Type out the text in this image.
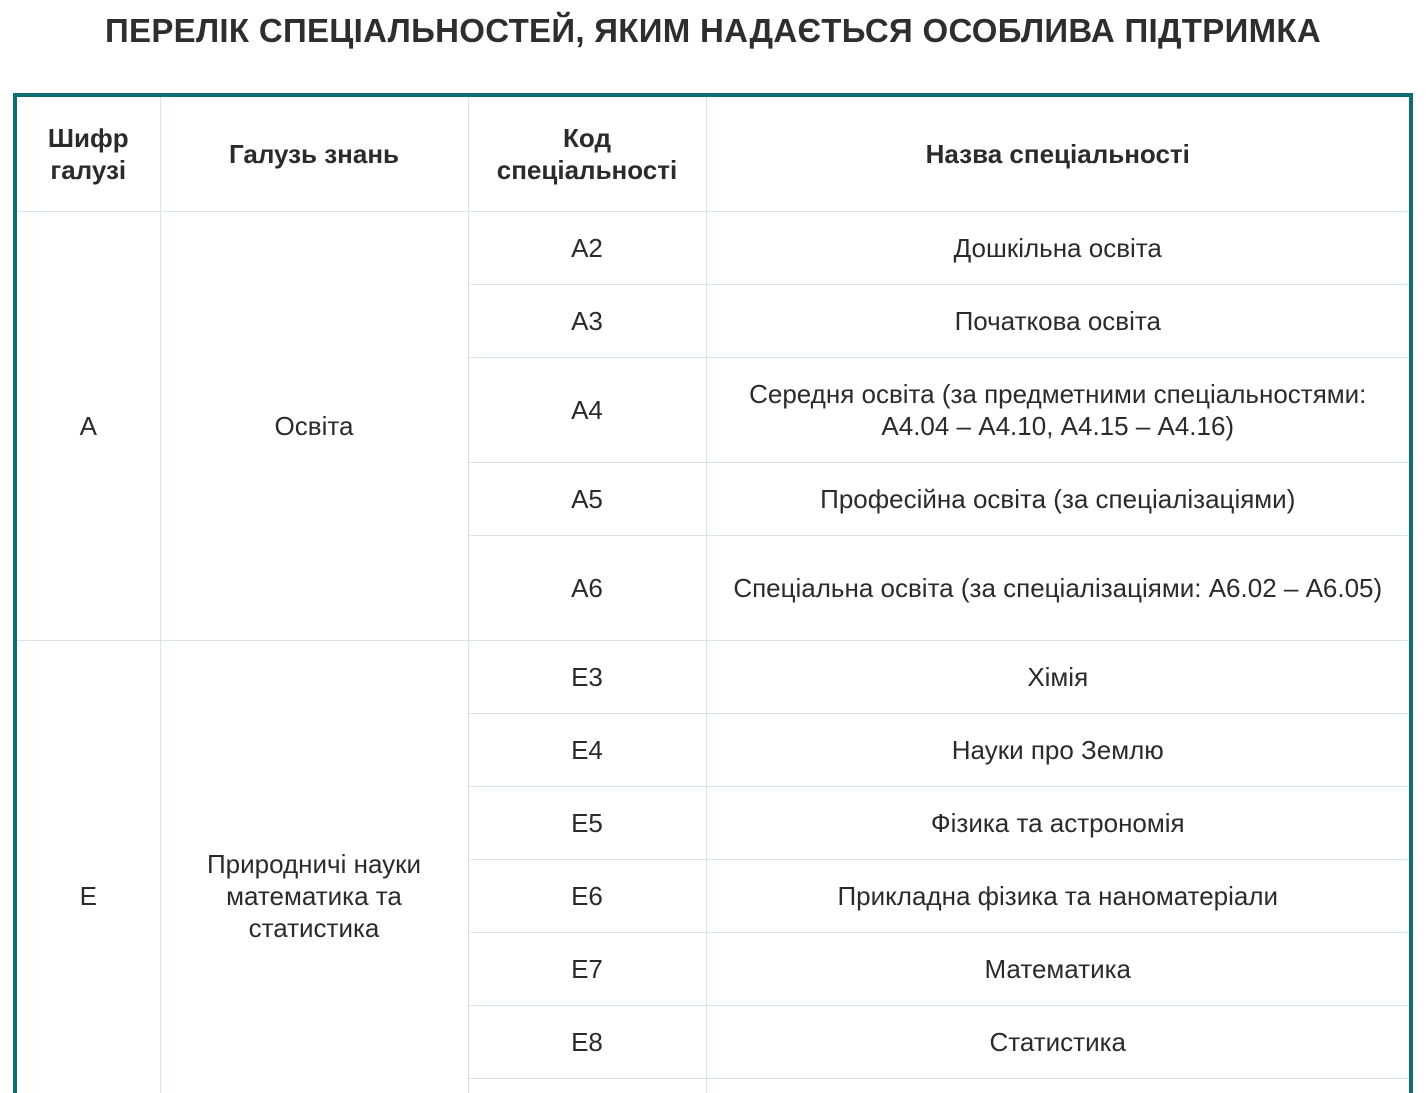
ПЕРЕЛІК СПЕЦІАЛЬНОСТЕЙ, ЯКИМ НАДАЄТЬСЯ ОСОБЛИВА ПІДТРИМКА
Шифр галузі	Галузь знань	Код спеціальності	Назва спеціальності
A	Освіта	A2	Дошкільна освіта
		A3	Початкова освіта
		A4	Середня освіта (за предметними спеціальностями: А4.04 – А4.10, А4.15 – А4.16)
		A5	Професійна освіта (за спеціалізаціями)
		A6	Спеціальна освіта (за спеціалізаціями: А6.02 – А6.05)
E	Природничі науки математика та статистика	E3	Хімія
		E4	Науки про Землю
		E5	Фізика та астрономія
		E6	Прикладна фізика та наноматеріали
		E7	Математика
		E8	Статистика
